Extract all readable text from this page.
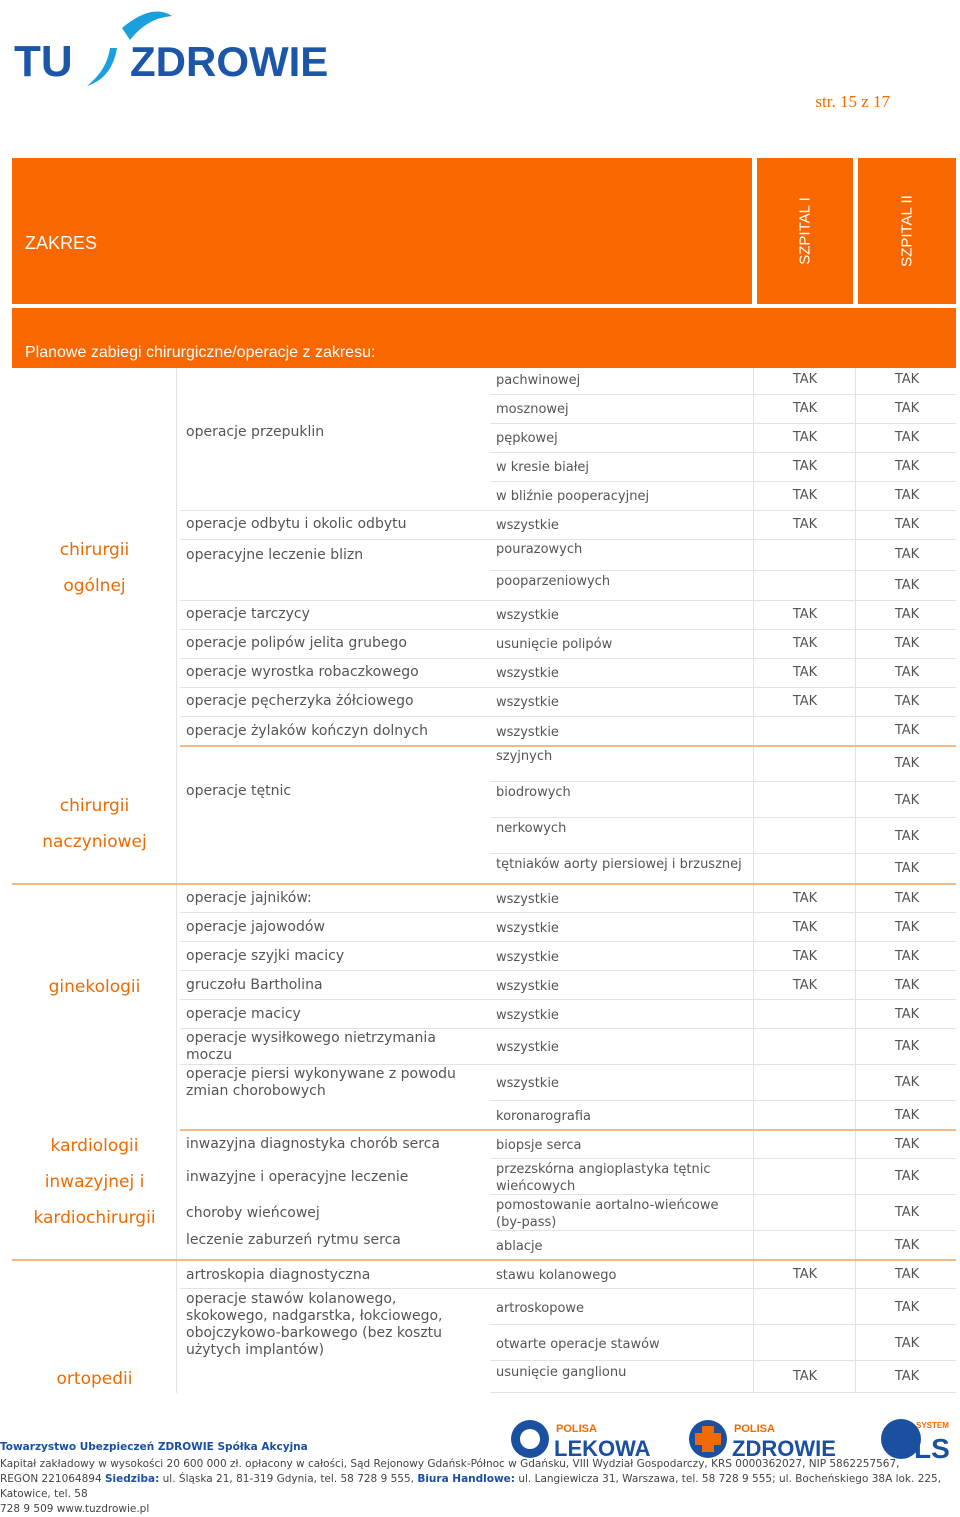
TU ZDROWIE
str. 15 z 17
ZAKRES	SZPITAL I	SZPITAL II
Planowe zabiegi chirurgiczne/operacje z zakresu:
chirurgii
ogólnej
chirurgii
naczyniowej
ginekologii
kardiologii
inwazyjnej i
kardiochirurgii
ortopedii
operacje przepuklin
operacje odbytu i okolic odbytu
operacyjne leczenie blizn
operacje tarczycy
operacje polipów jelita grubego
operacje wyrostka robaczkowego
operacje pęcherzyka żółciowego
operacje żylaków kończyn dolnych
operacje tętnic
operacje jajników:
operacje jajowodów
operacje szyjki macicy
gruczołu Bartholina
operacje macicy
operacje wysiłkowego nietrzymania moczu
operacje piersi wykonywane z powodu zmian chorobowych
inwazyjna diagnostyka chorób serca
inwazyjne i operacyjne leczenie
choroby wieńcowej
leczenie zaburzeń rytmu serca
artroskopia diagnostyczna
operacje stawów kolanowego, skokowego, nadgarstka, łokciowego, obojczykowo-barkowego (bez kosztu użytych implantów)
pachwinowej
mosznowej
pępkowej
w kresie białej
w bliźnie pooperacyjnej
wszystkie
pourazowych
pooparzeniowych
wszystkie
usunięcie polipów
wszystkie
wszystkie
wszystkie
szyjnych
biodrowych
nerkowych
tętniaków aorty piersiowej i brzusznej
wszystkie
wszystkie
wszystkie
wszystkie
wszystkie
wszystkie
wszystkie
koronarografia
biopsje serca
przezskórna angioplastyka tętnic wieńcowych
pomostowanie aortalno-wieńcowe (by-pass)
ablacje
stawu kolanowego
artroskopowe
otwarte operacje stawów
usunięcie ganglionu
TAK
TAK
TAK
TAK
TAK
TAK
TAK
TAK
TAK
TAK
TAK
TAK
TAK
TAK
TAK
TAK
TAK
TAK
TAK
TAK
TAK
TAK
TAK
TAK
TAK
TAK
TAK
TAK
TAK
TAK
TAK
TAK
TAK
TAK
TAK
TAK
TAK
TAK
TAK
TAK
TAK
TAK
TAK
TAK
TAK
TAK
TAK
TAK
TAK
POLISA
LEKOWA
POLISA
ZDROWIE
SYSTEM
LS
Towarzystwo Ubezpieczeń ZDROWIE Spółka Akcyjna
Kapitał zakładowy w wysokości 20 600 000 zł. opłacony w całości, Sąd Rejonowy Gdańsk-Północ w Gdańsku, VIII Wydział Gospodarczy, KRS 0000362027, NIP 5862257567,
REGON 221064894 Siedziba: ul. Śląska 21, 81-319 Gdynia, tel. 58 728 9 555, Biura Handlowe: ul. Langiewicza 31, Warszawa, tel. 58 728 9 555; ul. Bocheńskiego 38A lok. 225, Katowice, tel. 58
728 9 509 www.tuzdrowie.pl
